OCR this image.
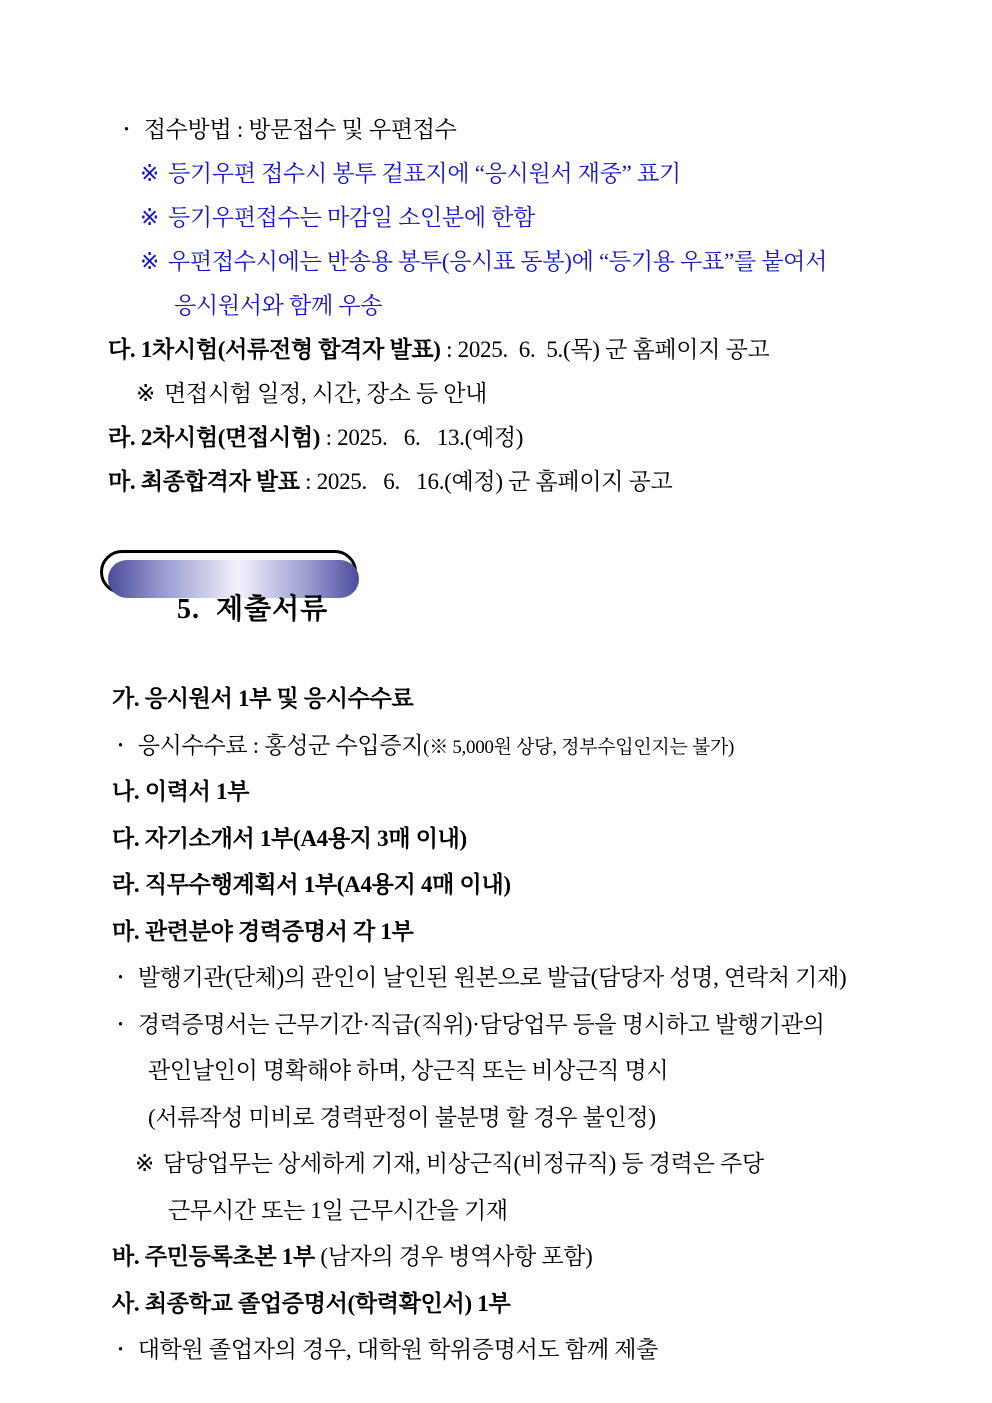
• 접수방법 : 방문접수 및 우편접수
※ 등기우편 접수시 봉투 겉표지에 “응시원서 재중” 표기
※ 등기우편접수는 마감일 소인분에 한함
※ 우편접수시에는 반송용 봉투(응시표 동봉)에 “등기용 우표”를 붙여서
응시원서와 함께 우송
다. 1차시험(서류전형 합격자 발표) : 2025.  6.  5.(목) 군 홈페이지 공고
※ 면접시험 일정, 시간, 장소 등 안내
라. 2차시험(면접시험) : 2025.   6.   13.(예정)
마. 최종합격자 발표 : 2025.   6.   16.(예정) 군 홈페이지 공고

5.  제출서류

가. 응시원서 1부 및 응시수수료
• 응시수수료 : 홍성군 수입증지(※ 5,000원 상당, 정부수입인지는 불가)
나. 이력서 1부
다. 자기소개서 1부(A4용지 3매 이내)
라. 직무수행계획서 1부(A4용지 4매 이내)
마. 관련분야 경력증명서 각 1부
• 발행기관(단체)의 관인이 날인된 원본으로 발급(담당자 성명, 연락처 기재)
• 경력증명서는 근무기간·직급(직위)·담당업무 등을 명시하고 발행기관의
관인날인이 명확해야 하며, 상근직 또는 비상근직 명시
(서류작성 미비로 경력판정이 불분명 할 경우 불인정)
※ 담당업무는 상세하게 기재, 비상근직(비정규직) 등 경력은 주당
근무시간 또는 1일 근무시간을 기재
바. 주민등록초본 1부 (남자의 경우 병역사항 포함)
사. 최종학교 졸업증명서(학력확인서) 1부
• 대학원 졸업자의 경우, 대학원 학위증명서도 함께 제출
